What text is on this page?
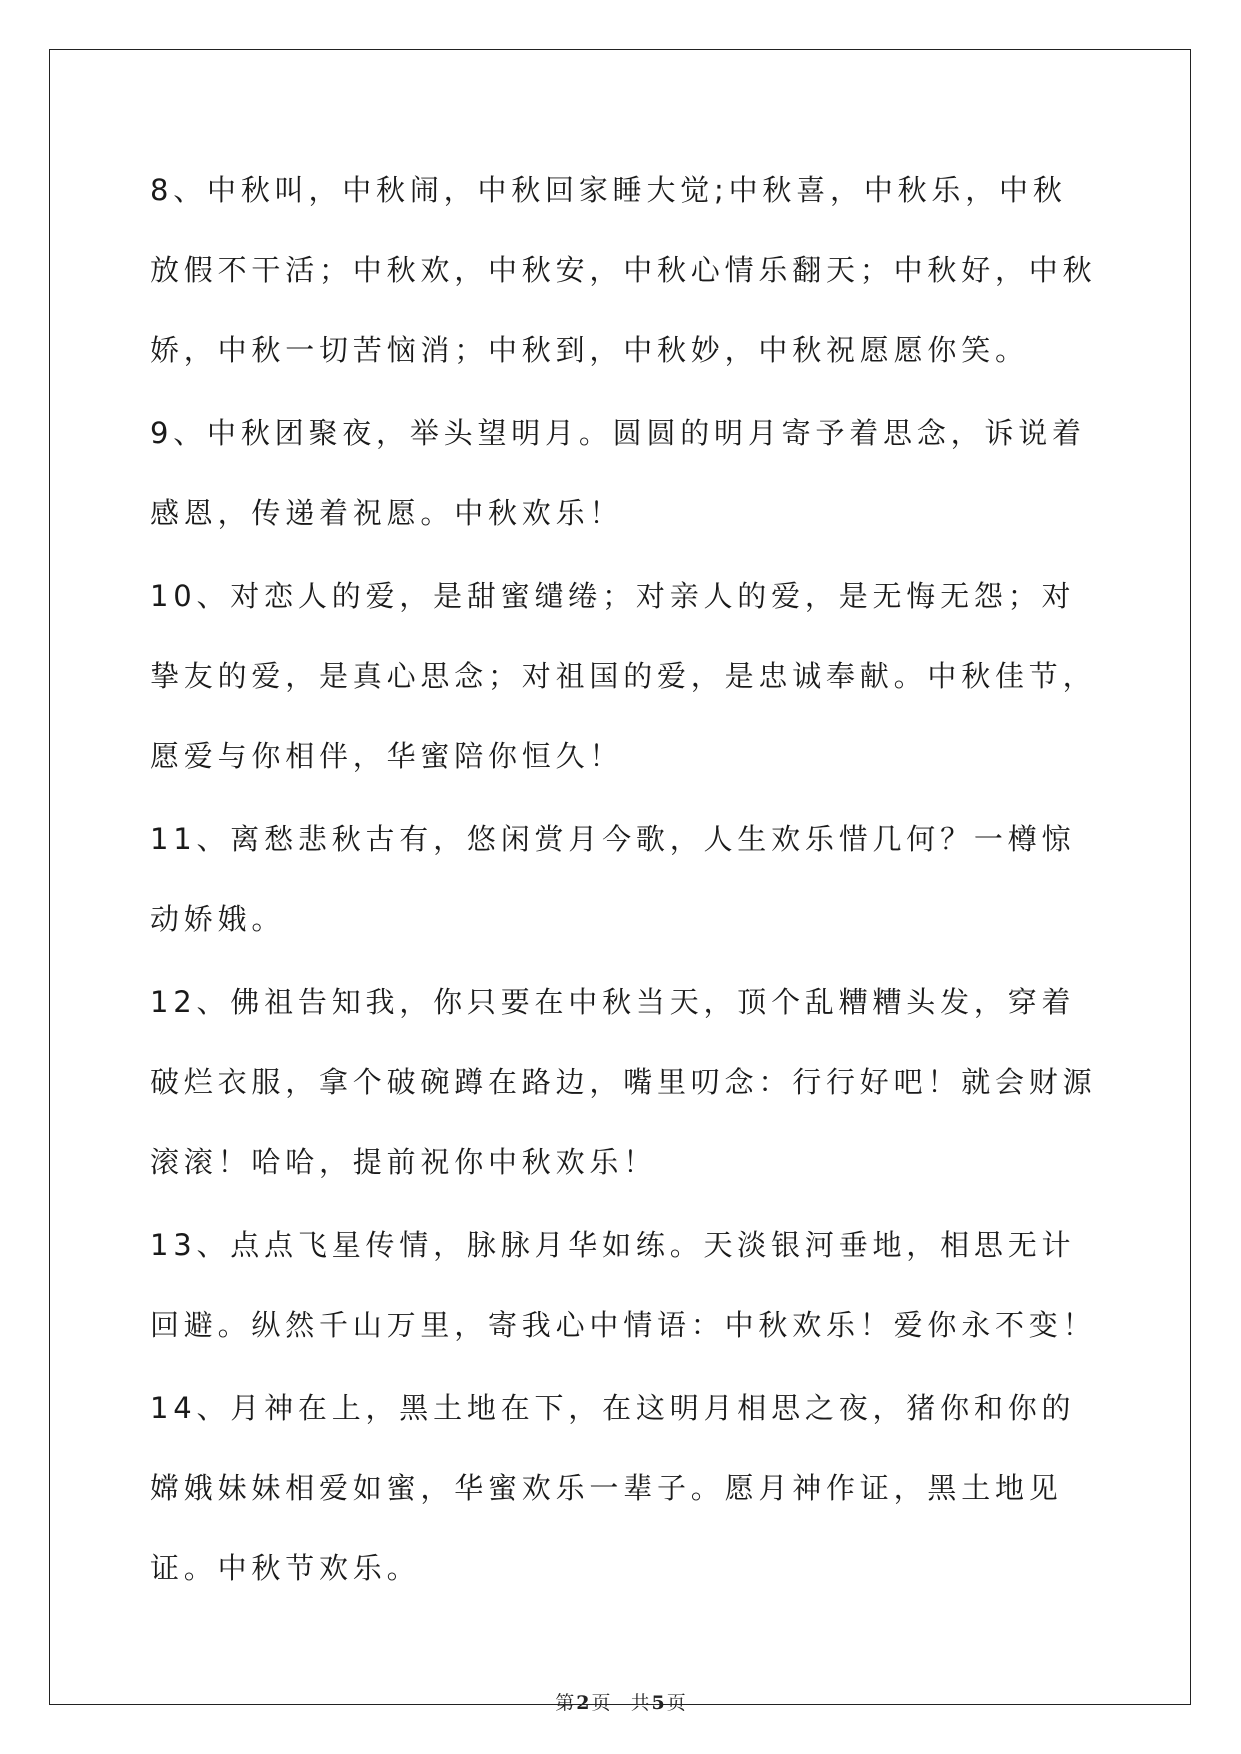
8、中秋叫，中秋闹，中秋回家睡大觉;中秋喜，中秋乐，中秋放假不干活；中秋欢，中秋安，中秋心情乐翻天；中秋好，中秋娇，中秋一切苦恼消；中秋到，中秋妙，中秋祝愿愿你笑。

9、中秋团聚夜，举头望明月。圆圆的明月寄予着思念，诉说着感恩，传递着祝愿。中秋欢乐！

10、对恋人的爱，是甜蜜缱绻；对亲人的爱，是无悔无怨；对挚友的爱，是真心思念；对祖国的爱，是忠诚奉献。中秋佳节，愿爱与你相伴，华蜜陪你恒久！

11、离愁悲秋古有，悠闲赏月今歌，人生欢乐惜几何？一樽惊动娇娥。

12、佛祖告知我，你只要在中秋当天，顶个乱糟糟头发，穿着破烂衣服，拿个破碗蹲在路边，嘴里叨念：行行好吧！就会财源滚滚！哈哈，提前祝你中秋欢乐！

13、点点飞星传情，脉脉月华如练。天淡银河垂地，相思无计回避。纵然千山万里，寄我心中情语：中秋欢乐！爱你永不变！

14、月神在上，黑土地在下，在这明月相思之夜，猪你和你的嫦娥妹妹相爱如蜜，华蜜欢乐一辈子。愿月神作证，黑土地见证。中秋节欢乐。

第 2 页 共 5 页
